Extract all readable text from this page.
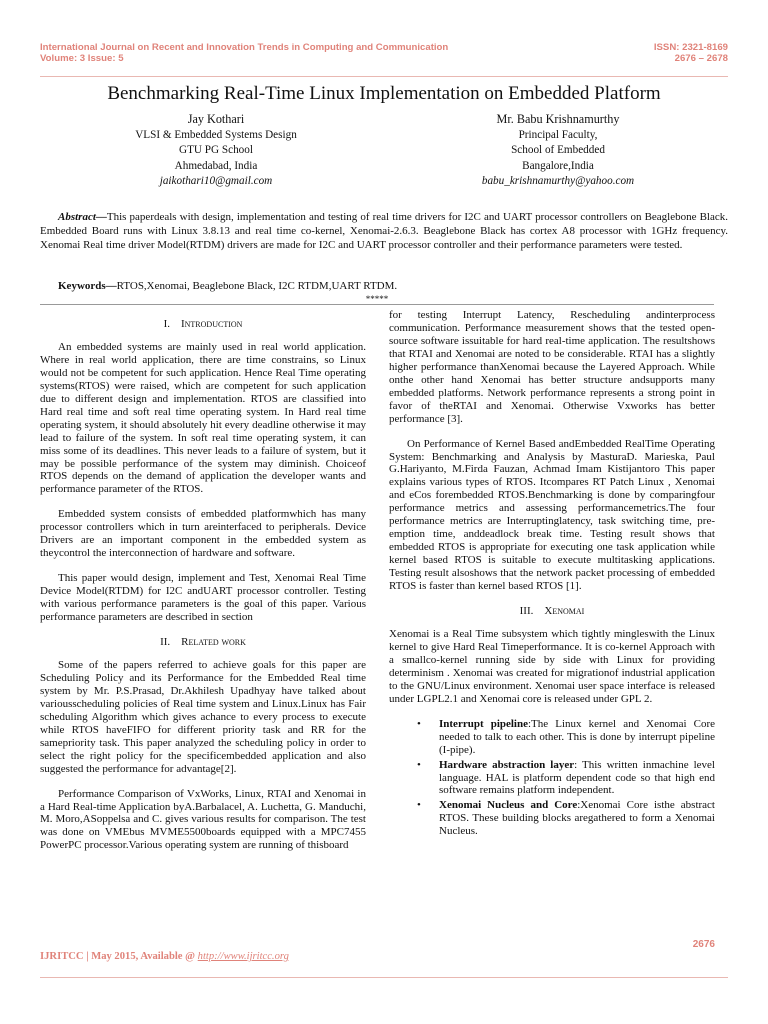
International Journal on Recent and Innovation Trends in Computing and Communication
Volume: 3 Issue: 5
ISSN: 2321-8169
2676 – 2678
Benchmarking Real-Time Linux Implementation on Embedded Platform
Jay Kothari
VLSI & Embedded Systems Design
GTU PG School
Ahmedabad, India
jaikothari10@gmail.com
Mr. Babu Krishnamurthy
Principal Faculty,
School of Embedded
Bangalore,India
babu_krishnamurthy@yahoo.com
Abstract—This paperdeals with design, implementation and testing of real time drivers for I2C and UART processor controllers on Beaglebone Black. Embedded Board runs with Linux 3.8.13 and real time co-kernel, Xenomai-2.6.3. Beaglebone Black has cortex A8 processor with 1GHz frequency. Xenomai Real time driver Model(RTDM) drivers are made for I2C and UART processor controller and their performance parameters were tested.
Keywords—RTOS,Xenomai, Beaglebone Black, I2C RTDM,UART RTDM.
*****
I. Introduction

An embedded systems are mainly used in real world application. Where in real world application, there are time constrains, so Linux would not be competent for such application. Hence Real Time operating systems(RTOS) were raised, which are competent for such application due to different design and implementation. RTOS are classified into Hard real time and soft real time operating system. In Hard real time operating system, it should absolutely hit every deadline otherwise it may lead to failure of the system. In soft real time operating system, it can miss some of its deadlines. This never leads to a failure of system, but it may be possible performance of the system may diminish. Choiceof RTOS depends on the demand of application the developer wants and performance parameter of the RTOS.

Embedded system consists of embedded platformwhich has many processor controllers which in turn areinterfaced to peripherals. Device Drivers are an important component in the embedded system as theycontrol the interconnection of hardware and software.

This paper would design, implement and Test, Xenomai Real Time Device Model(RTDM) for I2C andUART processor controller. Testing with various performance parameters is the goal of this paper. Various performance parameters are described in section

II. Related work

Some of the papers referred to achieve goals for this paper are Scheduling Policy and its Performance for the Embedded Real time system by Mr. P.S.Prasad, Dr.Akhilesh Upadhyay have talked about variousscheduling policies of Real time system and Linux.Linux has Fair scheduling Algorithm which gives achance to every process to execute while RTOS haveFIFO for different priority task and RR for the samepriority task. This paper analyzed the scheduling policy in order to select the right policy for the specificembedded application and also suggested the performance for advantage[2].

Performance Comparison of VxWorks, Linux, RTAI and Xenomai in a Hard Real-time Application byA.Barbalacel, A. Luchetta, G. Manduchi, M. Moro,ASoppelsa and C. gives various results for comparison. The test was done on VMEbus MVME5500boards equipped with a MPC7455 PowerPC processor.Various operating system are running of thisboard

for testing Interrupt Latency, Rescheduling andinterprocess communication. Performance measurement shows that the tested open-source software issuitable for hard real-time application. The resultshows that RTAI and Xenomai are noted to be considerable. RTAI has a slightly higher performance thanXenomai because the Layered Approach. While onthe other hand Xenomai has better structure andsupports many embedded platforms. Network performance represents a strong point in favor of theRTAI and Xenomai. Otherwise Vxworks has better performance [3].

On Performance of Kernel Based andEmbedded RealTime Operating System: Benchmarking and Analysis by MasturaD. Marieska, Paul G.Hariyanto, M.Firda Fauzan, Achmad Imam Kistijantoro This paper explains various types of RTOS. Itcompares RT Patch Linux , Xenomai and eCos forembedded RTOS.Benchmarking is done by comparingfour performance metrics and assessing performancemetrics.The four performance metrics are Interruptinglatency, task switching time, pre-emption time, anddeadlock break time. Testing result shows that embedded RTOS is appropriate for executing one task application while kernel based RTOS is suitable to execute multitasking applications. Testing result alsoshows that the network packet processing of embedded RTOS is faster than kernel based RTOS [1].

III. Xenomai

Xenomai is a Real Time subsystem which tightly mingleswith the Linux kernel to give Hard Real Timeperformance. It is co-kernel Approach with a smallco-kernel running side by side with Linux for providing determinism . Xenomai was created for migrationof industrial application to the GNU/Linux environment. Xenomai user space interface is released under LGPL2.1 and Xenomai core is released under GPL 2.

• Interrupt pipeline:The Linux kernel and Xenomai Core needed to talk to each other. This is done by interrupt pipeline (I-pipe).
• Hardware abstraction layer: This written inmachine level language. HAL is platform dependent code so that high end software remains platform independent.
• Xenomai Nucleus and Core:Xenomai Core isthe abstract RTOS. These building blocks aregathered to form a Xenomai Nucleus.
2676
IJRITCC | May 2015, Available @ http://www.ijritcc.org
